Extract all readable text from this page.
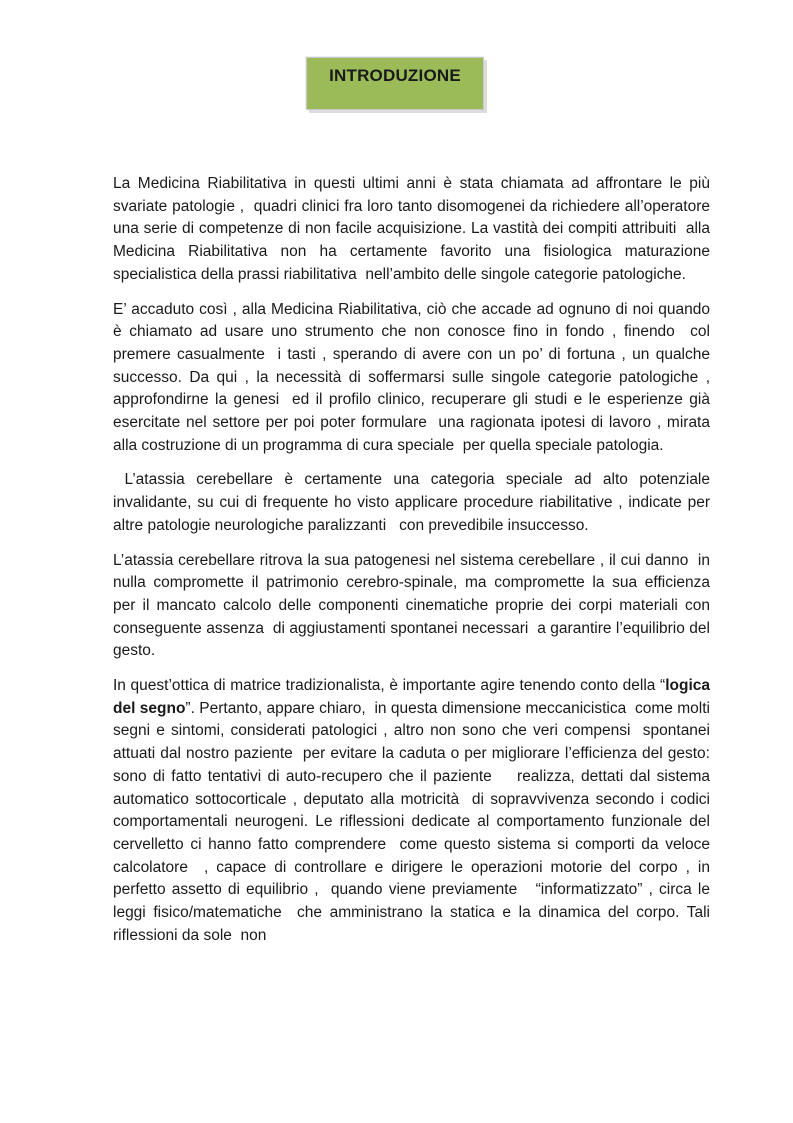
INTRODUZIONE

La Medicina Riabilitativa in questi ultimi anni è stata chiamata ad affrontare le più svariate patologie ,  quadri clinici fra loro tanto disomogenei da richiedere all’operatore una serie di competenze di non facile acquisizione. La vastità dei compiti attribuiti  alla Medicina Riabilitativa non ha certamente favorito una fisiologica maturazione specialistica della prassi riabilitativa  nell’ambito delle singole categorie patologiche.

E’ accaduto così , alla Medicina Riabilitativa, ciò che accade ad ognuno di noi quando è chiamato ad usare uno strumento che non conosce fino in fondo , finendo  col premere casualmente  i tasti , sperando di avere con un po’ di fortuna , un qualche successo. Da qui , la necessità di soffermarsi sulle singole categorie patologiche , approfondirne la genesi  ed il profilo clinico, recuperare gli studi e le esperienze già esercitate nel settore per poi poter formulare  una ragionata ipotesi di lavoro , mirata alla costruzione di un programma di cura speciale  per quella speciale patologia.

L’atassia cerebellare è certamente una categoria speciale ad alto potenziale invalidante, su cui di frequente ho visto applicare procedure riabilitative , indicate per altre patologie neurologiche paralizzanti   con prevedibile insuccesso.

L’atassia cerebellare ritrova la sua patogenesi nel sistema cerebellare , il cui danno  in nulla compromette il patrimonio cerebro-spinale, ma compromette la sua efficienza  per il mancato calcolo delle componenti cinematiche proprie dei corpi materiali con conseguente assenza  di aggiustamenti spontanei necessari  a garantire l’equilibrio del gesto.

In quest’ottica di matrice tradizionalista, è importante agire tenendo conto della “logica del segno”. Pertanto, appare chiaro,  in questa dimensione meccanicistica  come molti segni e sintomi, considerati patologici , altro non sono che veri compensi  spontanei attuati dal nostro paziente  per evitare la caduta o per migliorare l’efficienza del gesto: sono di fatto tentativi di auto-recupero che il paziente    realizza, dettati dal sistema automatico sottocorticale , deputato alla motricità  di sopravvivenza secondo i codici comportamentali neurogeni. Le riflessioni dedicate al comportamento funzionale del cervelletto ci hanno fatto comprendere  come questo sistema si comporti da veloce  calcolatore  , capace di controllare e dirigere le operazioni motorie del corpo , in perfetto assetto di equilibrio ,  quando viene previamente   “informatizzato” , circa le leggi fisico/matematiche  che amministrano la statica e la dinamica del corpo. Tali riflessioni da sole  non
